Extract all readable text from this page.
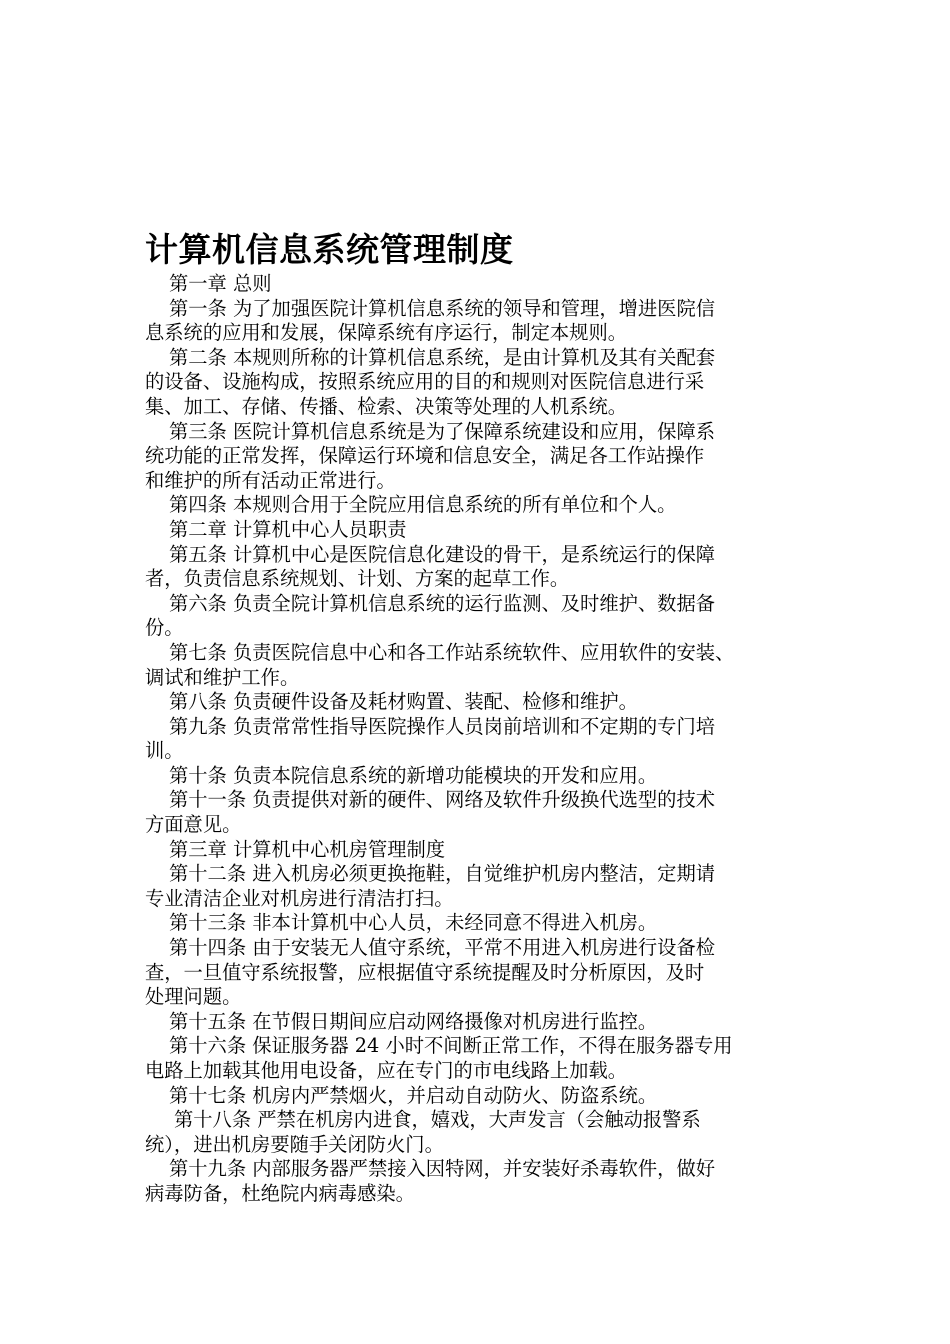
计算机信息系统管理制度

第一章 总则

第一条 为了加强医院计算机信息系统的领导和管理，增进医院信
息系统的应用和发展，保障系统有序运行，制定本规则。

第二条 本规则所称的计算机信息系统，是由计算机及其有关配套
的设备、设施构成，按照系统应用的目的和规则对医院信息进行采
集、加工、存储、传播、检索、决策等处理的人机系统。

第三条 医院计算机信息系统是为了保障系统建设和应用，保障系
统功能的正常发挥，保障运行环境和信息安全，满足各工作站操作
和维护的所有活动正常进行。

第四条 本规则合用于全院应用信息系统的所有单位和个人。

第二章 计算机中心人员职责

第五条 计算机中心是医院信息化建设的骨干，是系统运行的保障
者，负责信息系统规划、计划、方案的起草工作。

第六条 负责全院计算机信息系统的运行监测、及时维护、数据备
份。

第七条 负责医院信息中心和各工作站系统软件、应用软件的安装、
调试和维护工作。

第八条 负责硬件设备及耗材购置、装配、检修和维护。

第九条 负责常常性指导医院操作人员岗前培训和不定期的专门培
训。

第十条 负责本院信息系统的新增功能模块的开发和应用。

第十一条 负责提供对新的硬件、网络及软件升级换代选型的技术
方面意见。

第三章 计算机中心机房管理制度

第十二条 进入机房必须更换拖鞋，自觉维护机房内整洁，定期请
专业清洁企业对机房进行清洁打扫。

第十三条 非本计算机中心人员，未经同意不得进入机房。

第十四条 由于安装无人值守系统，平常不用进入机房进行设备检
查，一旦值守系统报警，应根据值守系统提醒及时分析原因，及时
处理问题。

第十五条 在节假日期间应启动网络摄像对机房进行监控。

第十六条 保证服务器 24 小时不间断正常工作，不得在服务器专用
电路上加载其他用电设备，应在专门的市电线路上加载。

第十七条 机房内严禁烟火，并启动自动防火、防盗系统。

第十八条 严禁在机房内进食，嬉戏，大声发言（会触动报警系
统），进出机房要随手关闭防火门。

第十九条 内部服务器严禁接入因特网，并安装好杀毒软件，做好
病毒防备，杜绝院内病毒感染。
